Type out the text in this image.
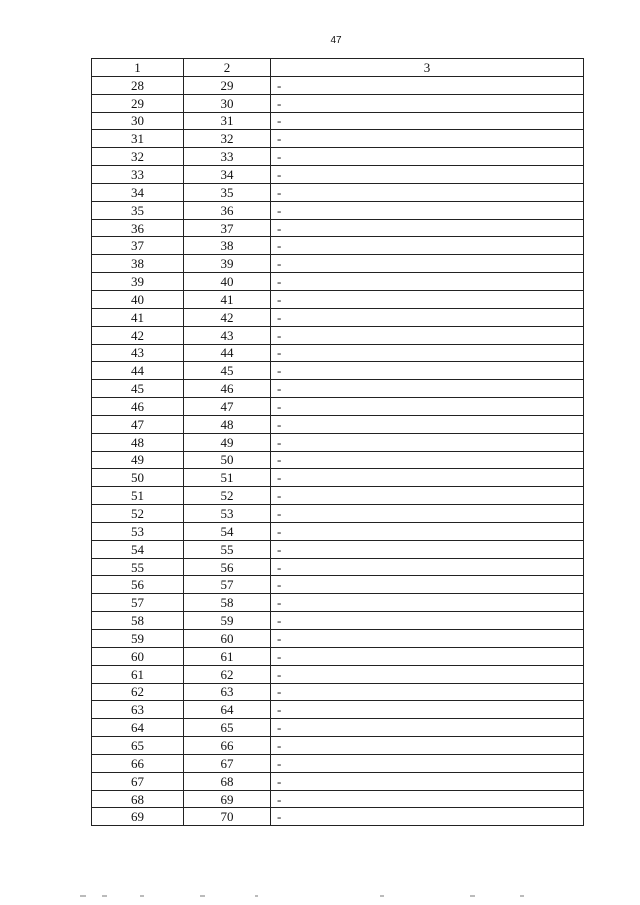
47
1	2	3
28	29	-
29	30	-
30	31	-
31	32	-
32	33	-
33	34	-
34	35	-
35	36	-
36	37	-
37	38	-
38	39	-
39	40	-
40	41	-
41	42	-
42	43	-
43	44	-
44	45	-
45	46	-
46	47	-
47	48	-
48	49	-
49	50	-
50	51	-
51	52	-
52	53	-
53	54	-
54	55	-
55	56	-
56	57	-
57	58	-
58	59	-
59	60	-
60	61	-
61	62	-
62	63	-
63	64	-
64	65	-
65	66	-
66	67	-
67	68	-
68	69	-
69	70	-
